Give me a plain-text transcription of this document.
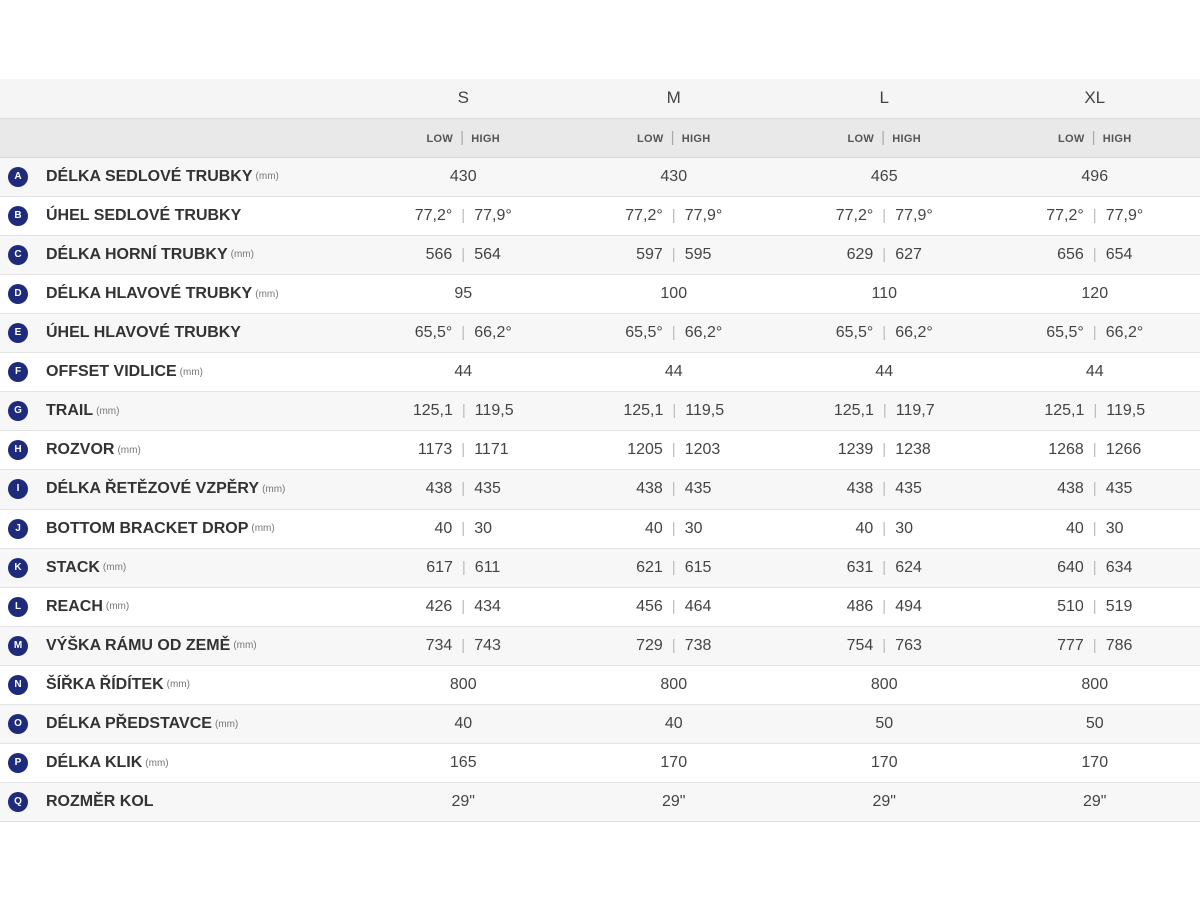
	S	M	L	XL
	LOW | HIGH	LOW | HIGH	LOW | HIGH	LOW | HIGH
A DÉLKA SEDLOVÉ TRUBKY (mm)	430	430	465	496
B ÚHEL SEDLOVÉ TRUBKY	77,2° | 77,9°	77,2° | 77,9°	77,2° | 77,9°	77,2° | 77,9°
C DÉLKA HORNÍ TRUBKY (mm)	566 | 564	597 | 595	629 | 627	656 | 654
D DÉLKA HLAVOVÉ TRUBKY (mm)	95	100	110	120
E ÚHEL HLAVOVÉ TRUBKY	65,5° | 66,2°	65,5° | 66,2°	65,5° | 66,2°	65,5° | 66,2°
F OFFSET VIDLICE (mm)	44	44	44	44
G TRAIL (mm)	125,1 | 119,5	125,1 | 119,5	125,1 | 119,7	125,1 | 119,5
H ROZVOR (mm)	1173 | 1171	1205 | 1203	1239 | 1238	1268 | 1266
I DÉLKA ŘETĚZOVÉ VZPĚRY (mm)	438 | 435	438 | 435	438 | 435	438 | 435
J BOTTOM BRACKET DROP (mm)	40 | 30	40 | 30	40 | 30	40 | 30
K STACK (mm)	617 | 611	621 | 615	631 | 624	640 | 634
L REACH (mm)	426 | 434	456 | 464	486 | 494	510 | 519
M VÝŠKA RÁMU OD ZEMĚ (mm)	734 | 743	729 | 738	754 | 763	777 | 786
N ŠÍŘKA ŘÍDÍTEK (mm)	800	800	800	800
O DÉLKA PŘEDSTAVCE (mm)	40	40	50	50
P DÉLKA KLIK (mm)	165	170	170	170
Q ROZMĚR KOL	29"	29"	29"	29"
